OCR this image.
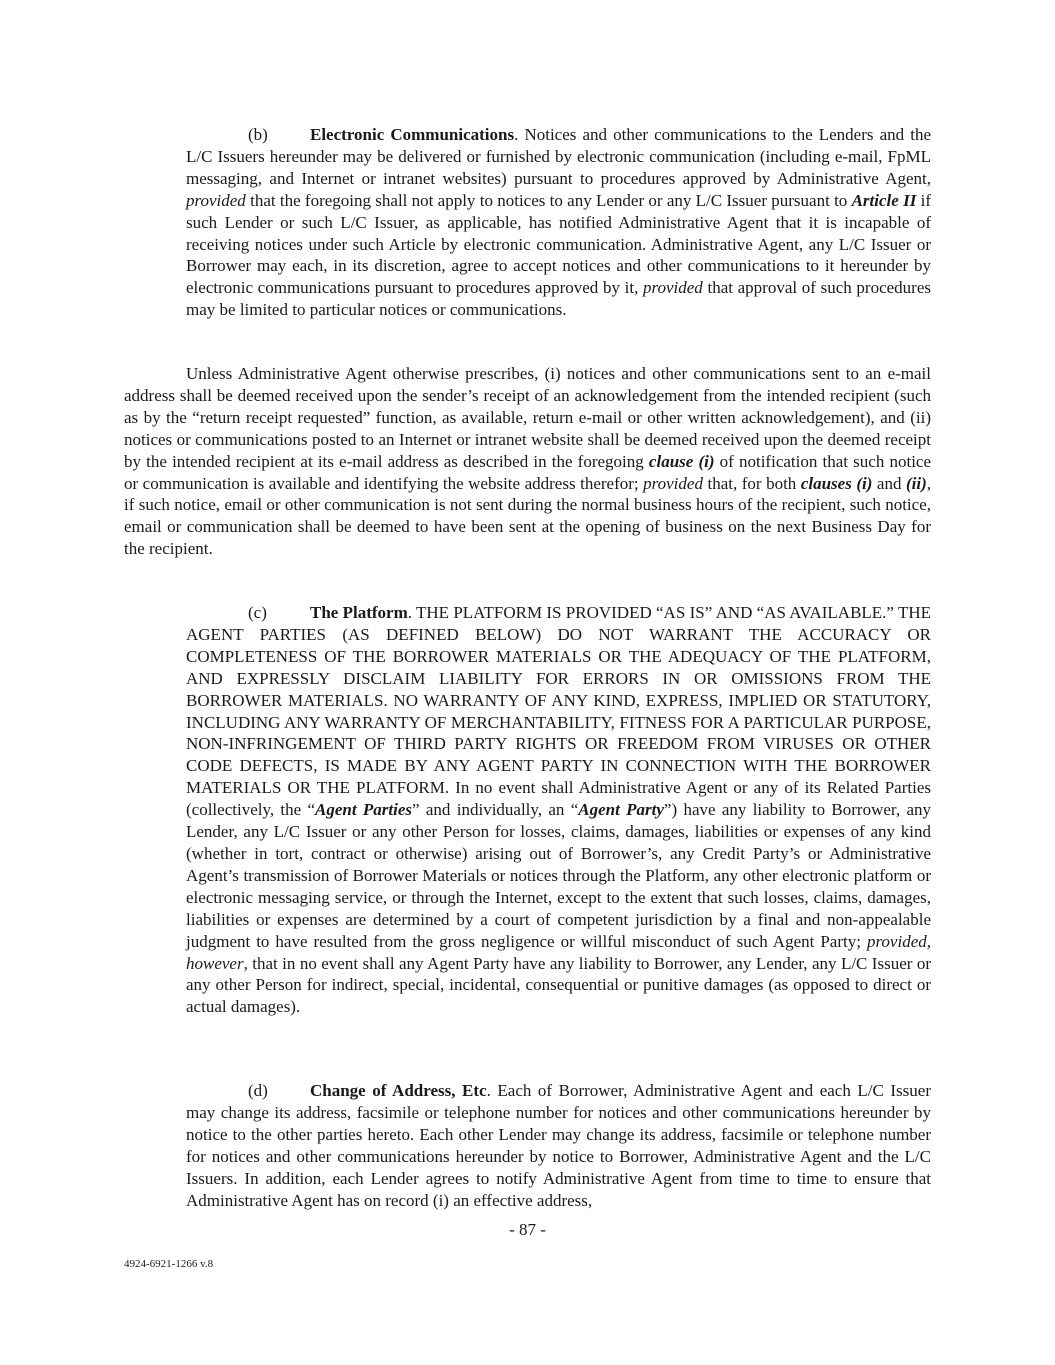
(b) Electronic Communications. Notices and other communications to the Lenders and the L/C Issuers hereunder may be delivered or furnished by electronic communication (including e-mail, FpML messaging, and Internet or intranet websites) pursuant to procedures approved by Administrative Agent, provided that the foregoing shall not apply to notices to any Lender or any L/C Issuer pursuant to Article II if such Lender or such L/C Issuer, as applicable, has notified Administrative Agent that it is incapable of receiving notices under such Article by electronic communication. Administrative Agent, any L/C Issuer or Borrower may each, in its discretion, agree to accept notices and other communications to it hereunder by electronic communications pursuant to procedures approved by it, provided that approval of such procedures may be limited to particular notices or communications.

Unless Administrative Agent otherwise prescribes, (i) notices and other communications sent to an e-mail address shall be deemed received upon the sender’s receipt of an acknowledgement from the intended recipient (such as by the “return receipt requested” function, as available, return e-mail or other written acknowledgement), and (ii) notices or communications posted to an Internet or intranet website shall be deemed received upon the deemed receipt by the intended recipient at its e-mail address as described in the foregoing clause (i) of notification that such notice or communication is available and identifying the website address therefor; provided that, for both clauses (i) and (ii), if such notice, email or other communication is not sent during the normal business hours of the recipient, such notice, email or communication shall be deemed to have been sent at the opening of business on the next Business Day for the recipient.

(c)	The Platform. THE PLATFORM IS PROVIDED “AS IS” AND “AS AVAILABLE.” THE AGENT PARTIES (AS DEFINED BELOW) DO NOT WARRANT THE ACCURACY OR COMPLETENESS OF THE BORROWER MATERIALS OR THE ADEQUACY OF THE PLATFORM, AND EXPRESSLY DISCLAIM LIABILITY FOR ERRORS IN OR OMISSIONS FROM THE BORROWER MATERIALS. NO WARRANTY OF ANY KIND, EXPRESS, IMPLIED OR STATUTORY, INCLUDING ANY WARRANTY OF MERCHANTABILITY, FITNESS FOR A PARTICULAR PURPOSE, NON-INFRINGEMENT OF THIRD PARTY RIGHTS OR FREEDOM FROM VIRUSES OR OTHER CODE DEFECTS, IS MADE BY ANY AGENT PARTY IN CONNECTION WITH THE BORROWER MATERIALS OR THE PLATFORM. In no event shall Administrative Agent or any of its Related Parties (collectively, the “Agent Parties” and individually, an “Agent Party”) have any liability to Borrower, any Lender, any L/C Issuer or any other Person for losses, claims, damages, liabilities or expenses of any kind (whether in tort, contract or otherwise) arising out of Borrower’s, any Credit Party’s or Administrative Agent’s transmission of Borrower Materials or notices through the Platform, any other electronic platform or electronic messaging service, or through the Internet, except to the extent that such losses, claims, damages, liabilities or expenses are determined by a court of competent jurisdiction by a final and non-appealable judgment to have resulted from the gross negligence or willful misconduct of such Agent Party; provided, however, that in no event shall any Agent Party have any liability to Borrower, any Lender, any L/C Issuer or any other Person for indirect, special, incidental, consequential or punitive damages (as opposed to direct or actual damages).

(d) Change of Address, Etc. Each of Borrower, Administrative Agent and each L/C Issuer may change its address, facsimile or telephone number for notices and other communications hereunder by notice to the other parties hereto. Each other Lender may change its address, facsimile or telephone number for notices and other communications hereunder by notice to Borrower, Administrative Agent and the L/C Issuers. In addition, each Lender agrees to notify Administrative Agent from time to time to ensure that Administrative Agent has on record (i) an effective address,

- 87 -
4924-6921-1266 v.8
